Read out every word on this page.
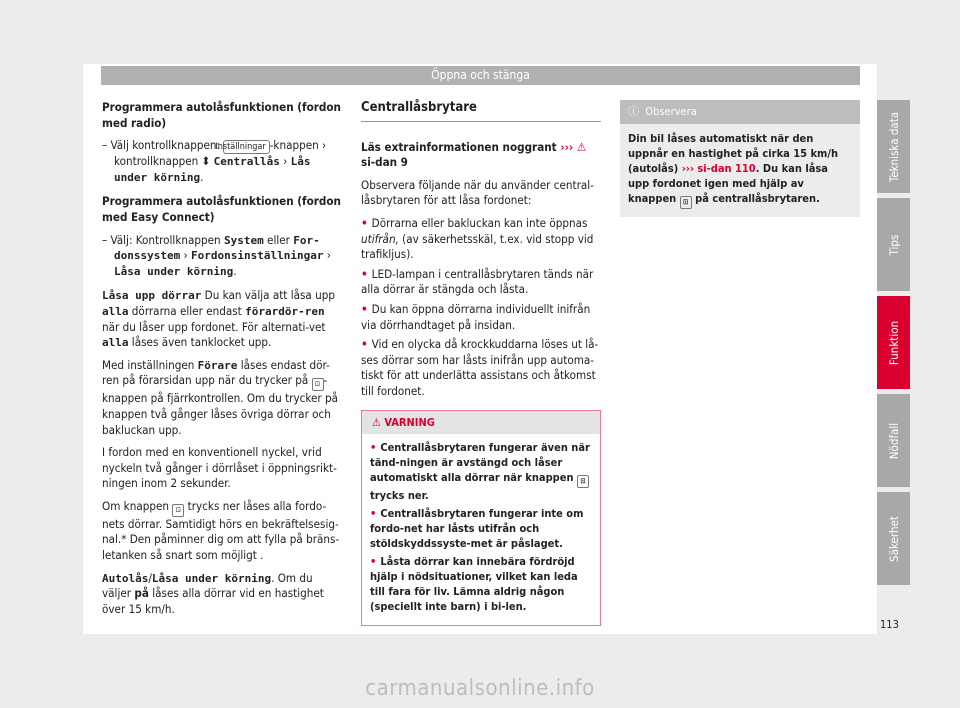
Öppna och stänga

Programmera autolåsfunktionen (fordon med radio)

– Välj kontrollknappen: Inställningar -knappen › kontrollknappen ⬍ Centrallås › Lås under körning.

Programmera autolåsfunktionen (fordon med Easy Connect)

– Välj: Kontrollknappen System eller For-donssystem › Fordonsinställningar › Låsa under körning.

Låsa upp dörrar Du kan välja att låsa upp alla dörrarna eller endast förardör-ren när du låser upp fordonet. För alternati-vet alla låses även tanklocket upp.

Med inställningen Förare låses endast dör-ren på förarsidan upp när du trycker på ⊡ -knappen på fjärrkontrollen. Om du trycker på knappen två gånger låses övriga dörrar och bakluckan upp.

I fordon med en konventionell nyckel, vrid nyckeln två gånger i dörrlåset i öppningsrikt-ningen inom 2 sekunder.

Om knappen ⊡ trycks ner låses alla fordo-nets dörrar. Samtidigt hörs en bekräftelsesig-nal.* Den påminner dig om att fylla på bräns-letanken så snart som möjligt .

Autolås/Låsa under körning. Om du väljer på låses alla dörrar vid en hastighet över 15 km/h.

Centrallåsbrytare

Läs extrainformationen noggrant ››› ⚠ si-dan 9

Observera följande när du använder central-låsbrytaren för att låsa fordonet:

• Dörrarna eller bakluckan kan inte öppnas utifrån, (av säkerhetsskäl, t.ex. vid stopp vid trafikljus).
• LED-lampan i centrallåsbrytaren tänds när alla dörrar är stängda och låsta.
• Du kan öppna dörrarna individuellt inifrån via dörrhandtaget på insidan.
• Vid en olycka då krockkuddarna löses ut lå-ses dörrar som har låsts inifrån upp automa-tiskt för att underlätta assistans och åtkomst till fordonet.
⚠ VARNING
• Centrallåsbrytaren fungerar även när tänd-ningen är avstängd och låser automatiskt alla dörrar när knappen ⊡ trycks ner.
• Centrallåsbrytaren fungerar inte om fordo-net har låsts utifrån och stöldskyddssyste-met är påslaget.
• Låsta dörrar kan innebära fördröjd hjälp i nödsituationer, vilket kan leda till fara för liv. Lämna aldrig någon (speciellt inte barn) i bi-len.
ⓘ Observera
Din bil låses automatiskt när den uppnår en hastighet på cirka 15 km/h (autolås) ››› si-dan 110. Du kan låsa upp fordonet igen med hjälp av knappen ⊡ på centrallåsbrytaren.
Tekniska data
Tips
Funktion
Nödfall
Säkerhet
113
carmanualsonline.info
